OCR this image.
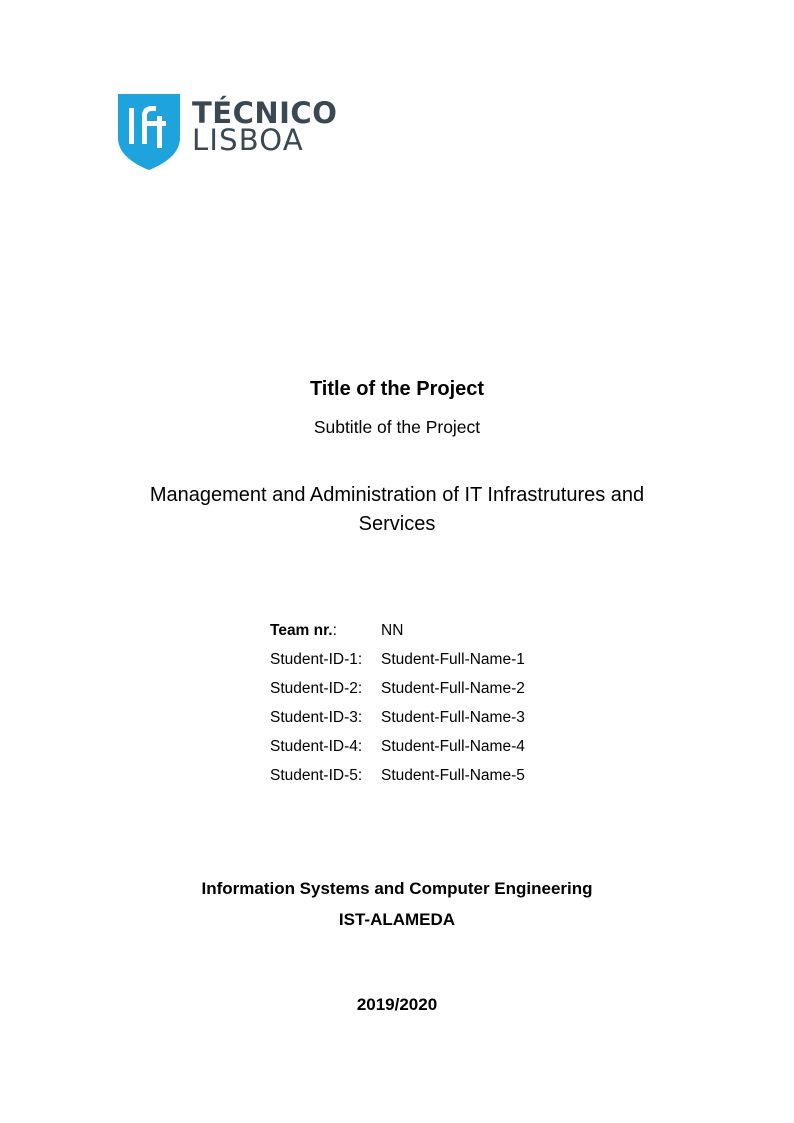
TÉCNICO
LISBOA
Title of the Project
Subtitle of the Project
Management and Administration of IT Infrastrutures and Services
Team nr.:	NN
Student-ID-1:	Student-Full-Name-1
Student-ID-2:	Student-Full-Name-2
Student-ID-3:	Student-Full-Name-3
Student-ID-4:	Student-Full-Name-4
Student-ID-5:	Student-Full-Name-5
Information Systems and Computer Engineering
IST-ALAMEDA
2019/2020
